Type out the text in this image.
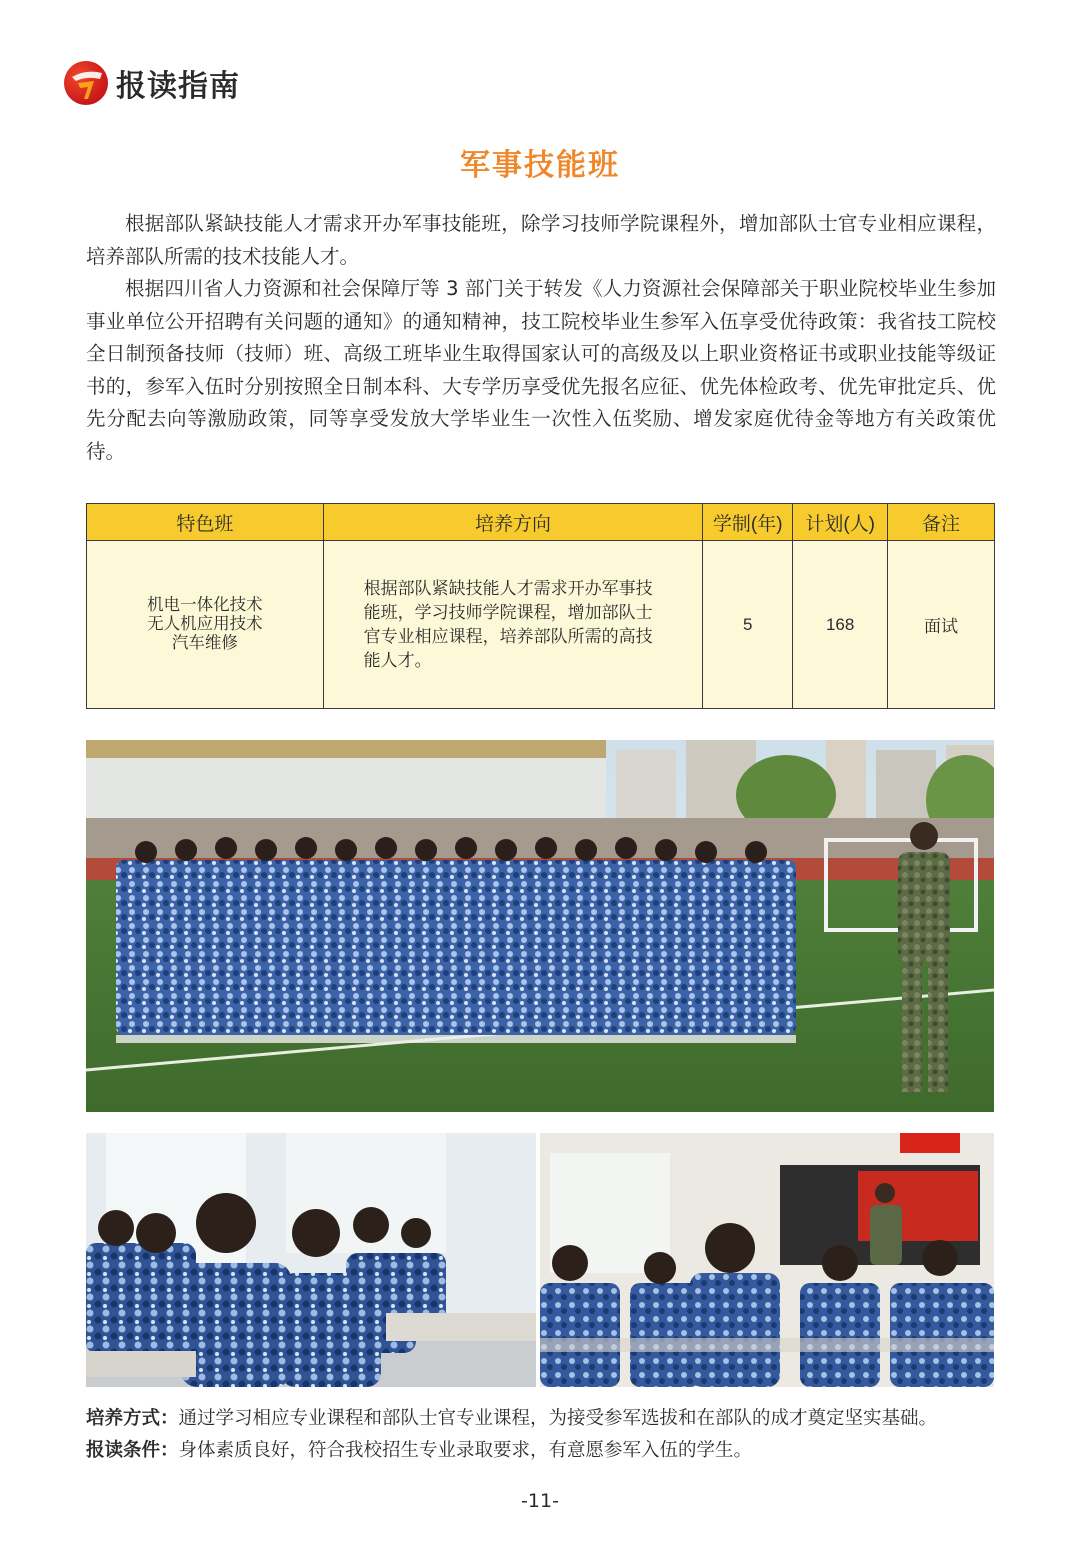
报读指南
军事技能班

根据部队紧缺技能人才需求开办军事技能班，除学习技师学院课程外，增加部队士官专业相应课程，培养部队所需的技术技能人才。

根据四川省人力资源和社会保障厅等 3 部门关于转发《人力资源社会保障部关于职业院校毕业生参加事业单位公开招聘有关问题的通知》的通知精神，技工院校毕业生参军入伍享受优待政策：我省技工院校全日制预备技师（技师）班、高级工班毕业生取得国家认可的高级及以上职业资格证书或职业技能等级证书的，参军入伍时分别按照全日制本科、大专学历享受优先报名应征、优先体检政考、优先审批定兵、优先分配去向等激励政策，同等享受发放大学毕业生一次性入伍奖励、增发家庭优待金等地方有关政策优待。

特色班	培养方向	学制(年)	计划(人)	备注

机电一体化技术
无人机应用技术
汽车维修	根据部队紧缺技能人才需求开办军事技能班，学习技师学院课程，增加部队士官专业相应课程，培养部队所需的高技能人才。	5	168	面试
培养方式：通过学习相应专业课程和部队士官专业课程，为接受参军选拔和在部队的成才奠定坚实基础。
报读条件：身体素质良好，符合我校招生专业录取要求，有意愿参军入伍的学生。
-11-
